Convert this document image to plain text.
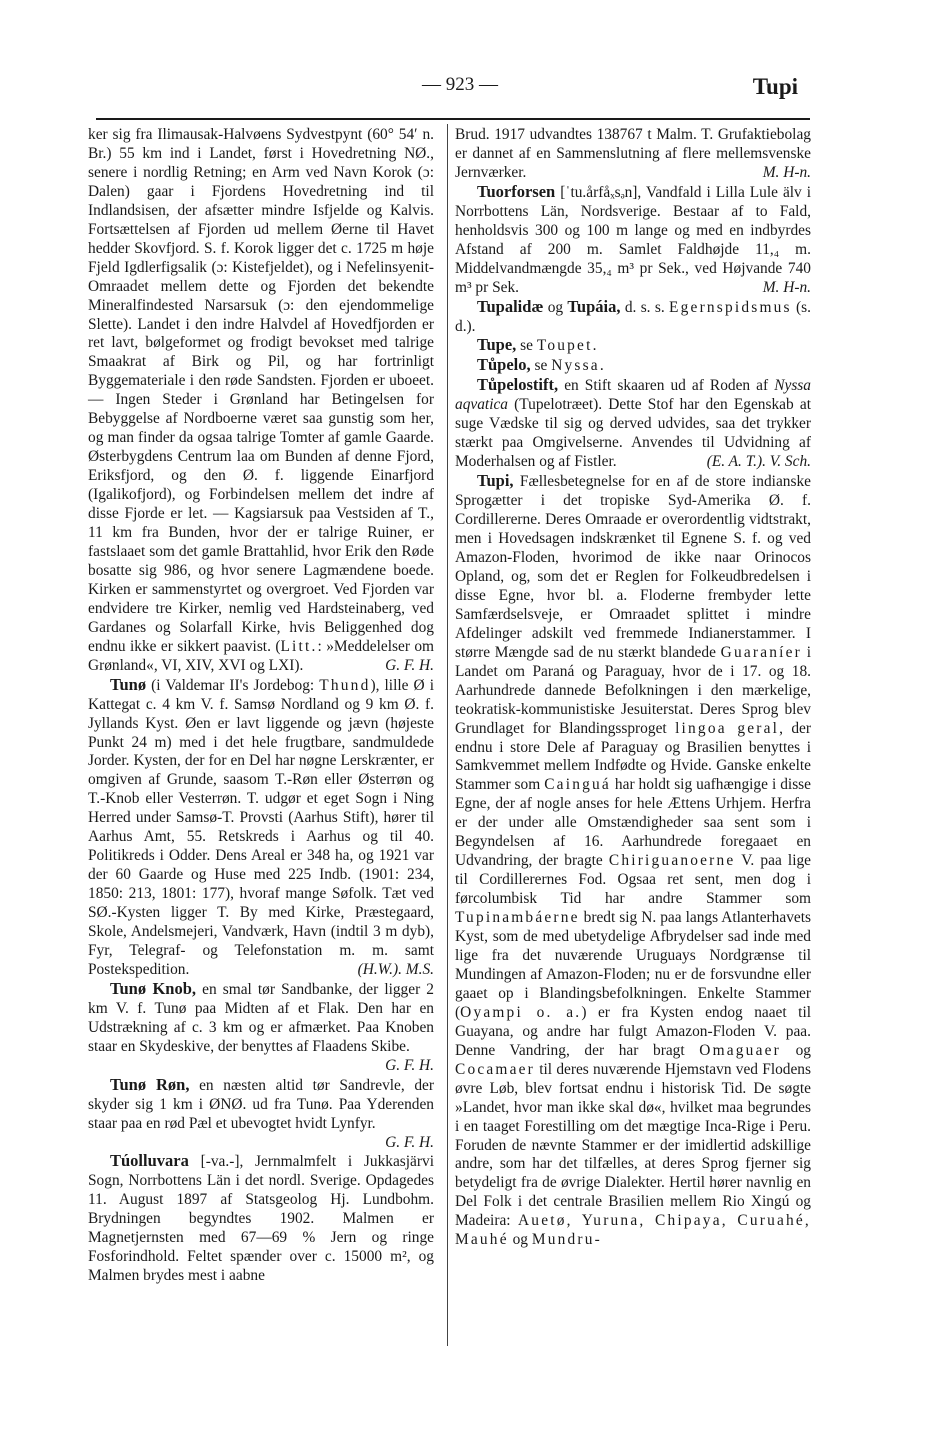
— 923 —	Tupi

ker sig fra Ilimausak-Halvøens Sydvestpynt (60° 54′ n. Br.) 55 km ind i Landet, først i Hovedretning NØ., senere i nordlig Retning; en Arm ved Navn Korok (ɔ: Dalen) gaar i Fjordens Hovedretning ind til Indlandsisen, der afsætter mindre Isfjelde og Kalvis. Fortsættelsen af Fjorden ud mellem Øerne til Havet hedder Skovfjord. S. f. Korok ligger det c. 1725 m høje Fjeld Igdlerfigsalik (ɔ: Kistefjeldet), og i Nefelinsyenit-Omraadet mellem dette og Fjorden det bekendte Mineralfindested Narsarsuk (ɔ: den ejendommelige Slette). Landet i den indre Halvdel af Hovedfjorden er ret lavt, bølgeformet og frodigt bevokset med talrige Smaakrat af Birk og Pil, og har fortrinligt Byggemateriale i den røde Sandsten. Fjorden er uboeet. — Ingen Steder i Grønland har Betingelsen for Bebyggelse af Nordboerne været saa gunstig som her, og man finder da ogsaa talrige Tomter af gamle Gaarde. Østerbygdens Centrum laa om Bunden af denne Fjord, Eriksfjord, og den Ø. f. liggende Einarfjord (Igalikofjord), og Forbindelsen mellem det indre af disse Fjorde er let. — Kagsiarsuk paa Vestsiden af T., 11 km fra Bunden, hvor der er talrige Ruiner, er fastslaaet som det gamle Brattahlid, hvor Erik den Røde bosatte sig 986, og hvor senere Lagmændene boede. Kirken er sammenstyrtet og overgroet. Ved Fjorden var endvidere tre Kirker, nemlig ved Hardsteinaberg, ved Gardanes og Solarfall Kirke, hvis Beliggenhed dog endnu ikke er sikkert paavist. (Litt.: »Meddelelser om Grønland«, VI, XIV, XVI og LXI).	G. F. H.

Tunø (i Valdemar II's Jordebog: Thund), lille Ø i Kattegat c. 4 km V. f. Samsø Nordland og 9 km Ø. f. Jyllands Kyst. Øen er lavt liggende og jævn (højeste Punkt 24 m) med i det hele frugtbare, sandmuldede Jorder. Kysten, der for en Del har nøgne Lerskrænter, er omgiven af Grunde, saasom T.-Røn eller Østerrøn og T.-Knob eller Vesterrøn. T. udgør et eget Sogn i Ning Herred under Samsø-T. Provsti (Aarhus Stift), hører til Aarhus Amt, 55. Retskreds i Aarhus og til 40. Politikreds i Odder. Dens Areal er 348 ha, og 1921 var der 60 Gaarde og Huse med 225 Indb. (1901: 234, 1850: 213, 1801: 177), hvoraf mange Søfolk. Tæt ved SØ.-Kysten ligger T. By med Kirke, Præstegaard, Skole, Andelsmejeri, Vandværk, Havn (indtil 3 m dyb), Fyr, Telegraf- og Telefonstation m. m. samt Postekspedition.	(H.W.). M.S.

Tunø Knob, en smal tør Sandbanke, der ligger 2 km V. f. Tunø paa Midten af et Flak. Den har en Udstrækning af c. 3 km og er afmærket. Paa Knoben staar en Skydeskive, der benyttes af Flaadens Skibe.
G. F. H.

Tunø Røn, en næsten altid tør Sandrevle, der skyder sig 1 km i ØNØ. ud fra Tunø. Paa Yderenden staar paa en rød Pæl et ubevogtet hvidt Lynfyr.
G. F. H.

Túolluvara [-va.-], Jernmalmfelt i Jukkasjärvi Sogn, Norrbottens Län i det nordl. Sverige. Opdagedes 11. August 1897 af Statsgeolog Hj. Lundbohm. Brydningen begyndtes 1902. Malmen er Magnetjernsten med 67—69 % Jern og ringe Fosforindhold. Feltet spænder over c. 15000 m², og Malmen brydes mest i aabne

Brud. 1917 udvandtes 138767 t Malm. T. Grufaktiebolag er dannet af en Sammenslutning af flere mellemsvenske Jernværker.	M. H-n.

Tuorforsen [ˈtu.årfåₓsₔn], Vandfald i Lilla Lule älv i Norrbottens Län, Nordsverige. Bestaar af to Fald, henholdsvis 300 og 100 m lange og med en indbyrdes Afstand af 200 m. Samlet Faldhøjde 11,₄ m. Middelvandmængde 35,₄ m³ pr Sek., ved Højvande 740 m³ pr Sek.	M. H-n.

Tupalidæ og Tupáia, d. s. s. Egernspidsmus (s. d.).

Tupe, se Toupet.

Tůpelo, se Nyssa.

Tůpelostift, en Stift skaaren ud af Roden af Nyssa aqvatica (Tupelotræet). Dette Stof har den Egenskab at suge Vædske til sig og derved udvides, saa det trykker stærkt paa Omgivelserne. Anvendes til Udvidning af Moderhalsen og af Fistler.	(E. A. T.). V. Sch.

Tupi, Fællesbetegnelse for en af de store indianske Sprogætter i det tropiske Syd-Amerika Ø. f. Cordillererne. Deres Omraade er overordentlig vidtstrakt, men i Hovedsagen indskrænket til Egnene S. f. og ved Amazon-Floden, hvorimod de ikke naar Orinocos Opland, og, som det er Reglen for Folkeudbredelsen i disse Egne, hvor bl. a. Floderne frembyder lette Samfærdselsveje, er Omraadet splittet i mindre Afdelinger adskilt ved fremmede Indianerstammer. I større Mængde sad de nu stærkt blandede Guaraníer i Landet om Paraná og Paraguay, hvor de i 17. og 18. Aarhundrede dannede Befolkningen i den mærkelige, teokratisk-kommunistiske Jesuiterstat. Deres Sprog blev Grundlaget for Blandingssproget lingoa geral, der endnu i store Dele af Paraguay og Brasilien benyttes i Samkvemmet mellem Indfødte og Hvide. Ganske enkelte Stammer som Cainguá har holdt sig uafhængige i disse Egne, der af nogle anses for hele Ættens Urhjem. Herfra er der under alle Omstændigheder saa sent som i Begyndelsen af 16. Aarhundrede foregaaet en Udvandring, der bragte Chiriguanoerne V. paa lige til Cordillerernes Fod. Ogsaa ret sent, men dog i førcolumbisk Tid har andre Stammer som Tupinambáerne bredt sig N. paa langs Atlanterhavets Kyst, som de med ubetydelige Afbrydelser sad inde med lige fra det nuværende Uruguays Nordgrænse til Mundingen af Amazon-Floden; nu er de forsvundne eller gaaet op i Blandingsbefolkningen. Enkelte Stammer (Oyampi o. a.) er fra Kysten endog naaet til Guayana, og andre har fulgt Amazon-Floden V. paa. Denne Vandring, der har bragt Omaguaer og Cocamaer til deres nuværende Hjemstavn ved Flodens øvre Løb, blev fortsat endnu i historisk Tid. De søgte »Landet, hvor man ikke skal dø«, hvilket maa begrundes i en taaget Forestilling om det mægtige Inca-Rige i Peru. Foruden de nævnte Stammer er der imidlertid adskillige andre, som har det tilfælles, at deres Sprog fjerner sig betydeligt fra de øvrige Dialekter. Hertil hører navnlig en Del Folk i det centrale Brasilien mellem Rio Xingú og Madeira: Auetø, Yuruna, Chipaya, Curuahé, Mauhé og Mundru-
